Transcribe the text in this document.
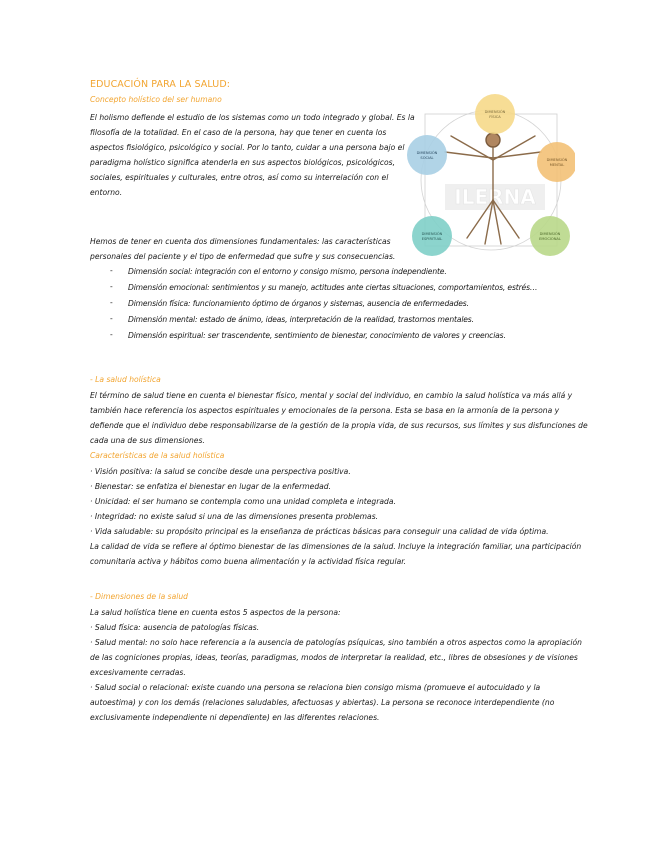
EDUCACIÓN PARA LA SALUD:
Concepto holístico del ser humano
El holismo defiende el estudio de los sistemas como un todo integrado y global. Es la
filosofía de la totalidad. En el caso de la persona, hay que tener en cuenta los
aspectos fisiológico, psicológico y social. Por lo tanto, cuidar a una persona bajo el
paradigma holístico significa atenderla en sus aspectos biológicos, psicológicos,
sociales, espirituales y culturales, entre otros, así como su interrelación con el
entorno.	ILERNA
DIMENSIÓN
FÍSICA
DIMENSIÓN
MENTAL
DIMENSIÓN
EMOCIONAL
DIMENSIÓN
ESPIRITUAL
DIMENSIÓN
SOCIAL
Hemos de tener en cuenta dos dimensiones fundamentales: las características
personales del paciente y el tipo de enfermedad que sufre y sus consecuencias.
- Dimensión social: integración con el entorno y consigo mismo, persona independiente.
- Dimensión emocional: sentimientos y su manejo, actitudes ante ciertas situaciones, comportamientos, estrés…
- Dimensión física: funcionamiento óptimo de órganos y sistemas, ausencia de enfermedades.
- Dimensión mental: estado de ánimo, ideas, interpretación de la realidad, trastornos mentales.
- Dimensión espiritual: ser trascendente, sentimiento de bienestar, conocimiento de valores y creencias.
- La salud holística
El término de salud tiene en cuenta el bienestar físico, mental y social del individuo, en cambio la salud holística va más allá y
también hace referencia los aspectos espirituales y emocionales de la persona. Esta se basa en la armonía de la persona y
defiende que el individuo debe responsabilizarse de la gestión de la propia vida, de sus recursos, sus límites y sus disfunciones de
cada una de sus dimensiones.
Características de la salud holística
· Visión positiva: la salud se concibe desde una perspectiva positiva.
· Bienestar: se enfatiza el bienestar en lugar de la enfermedad.
· Unicidad: el ser humano se contempla como una unidad completa e integrada.
· Integridad: no existe salud si una de las dimensiones presenta problemas.
· Vida saludable: su propósito principal es la enseñanza de prácticas básicas para conseguir una calidad de vida óptima.
La calidad de vida se refiere al óptimo bienestar de las dimensiones de la salud. Incluye la integración familiar, una participación
comunitaria activa y hábitos como buena alimentación y la actividad física regular.
- Dimensiones de la salud
La salud holística tiene en cuenta estos 5 aspectos de la persona:
· Salud física: ausencia de patologías físicas.
· Salud mental: no solo hace referencia a la ausencia de patologías psíquicas, sino también a otros aspectos como la apropiación
de las cogniciones propias, ideas, teorías, paradigmas, modos de interpretar la realidad, etc., libres de obsesiones y de visiones
excesivamente cerradas.
· Salud social o relacional: existe cuando una persona se relaciona bien consigo misma (promueve el autocuidado y la
autoestima) y con los demás (relaciones saludables, afectuosas y abiertas). La persona se reconoce interdependiente (no
exclusivamente independiente ni dependiente) en las diferentes relaciones.
